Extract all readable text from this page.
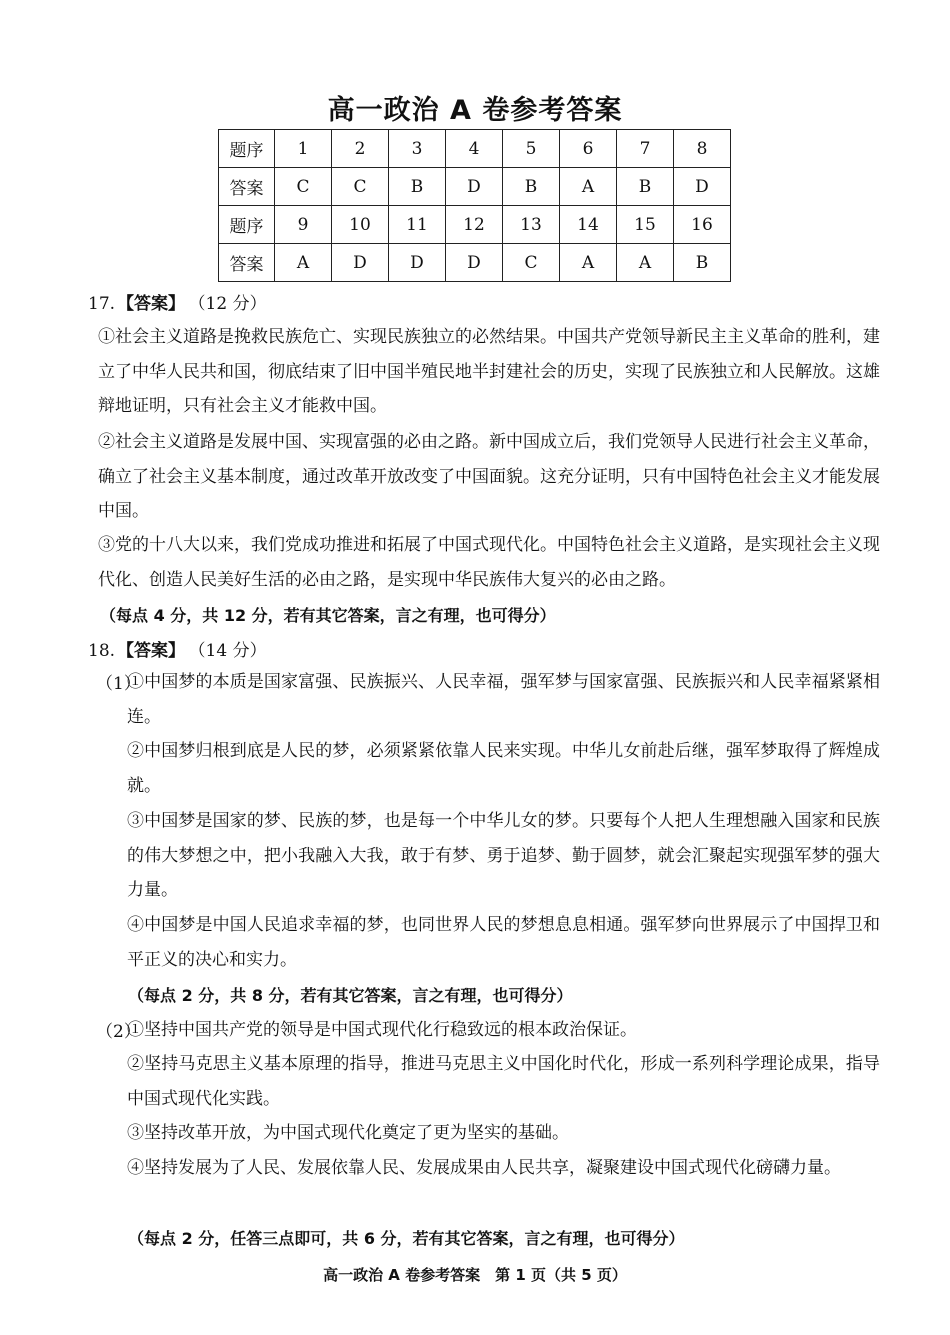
高一政治 A 卷参考答案
题序	1	2	3	4	5	6	7	8
答案	C	C	B	D	B	A	B	D
题序	9	10	11	12	13	14	15	16
答案	A	D	D	D	C	A	A	B
17. 【答案】 （12 分）
①社会主义道路是挽救民族危亡、实现民族独立的必然结果。中国共产党领导新民主主义革命的胜利，建立了中华人民共和国，彻底结束了旧中国半殖民地半封建社会的历史，实现了民族独立和人民解放。这雄辩地证明，只有社会主义才能救中国。
②社会主义道路是发展中国、实现富强的必由之路。新中国成立后，我们党领导人民进行社会主义革命，确立了社会主义基本制度，通过改革开放改变了中国面貌。这充分证明，只有中国特色社会主义才能发展中国。
③党的十八大以来，我们党成功推进和拓展了中国式现代化。中国特色社会主义道路，是实现社会主义现代化、创造人民美好生活的必由之路，是实现中华民族伟大复兴的必由之路。
（每点 4 分，共 12 分，若有其它答案，言之有理，也可得分）
18. 【答案】 （14 分）
（1）
①中国梦的本质是国家富强、民族振兴、人民幸福，强军梦与国家富强、民族振兴和人民幸福紧紧相连。
②中国梦归根到底是人民的梦，必须紧紧依靠人民来实现。中华儿女前赴后继，强军梦取得了辉煌成就。
③中国梦是国家的梦、民族的梦，也是每一个中华儿女的梦。只要每个人把人生理想融入国家和民族的伟大梦想之中，把小我融入大我，敢于有梦、勇于追梦、勤于圆梦，就会汇聚起实现强军梦的强大力量。
④中国梦是中国人民追求幸福的梦，也同世界人民的梦想息息相通。强军梦向世界展示了中国捍卫和平正义的决心和实力。
（每点 2 分，共 8 分，若有其它答案，言之有理，也可得分）
（2）
①坚持中国共产党的领导是中国式现代化行稳致远的根本政治保证。
②坚持马克思主义基本原理的指导，推进马克思主义中国化时代化，形成一系列科学理论成果，指导中国式现代化实践。
③坚持改革开放，为中国式现代化奠定了更为坚实的基础。
④坚持发展为了人民、发展依靠人民、发展成果由人民共享，凝聚建设中国式现代化磅礴力量。
（每点 2 分，任答三点即可，共 6 分，若有其它答案，言之有理，也可得分）
高一政治 A 卷参考答案　第 1 页（共 5 页）
